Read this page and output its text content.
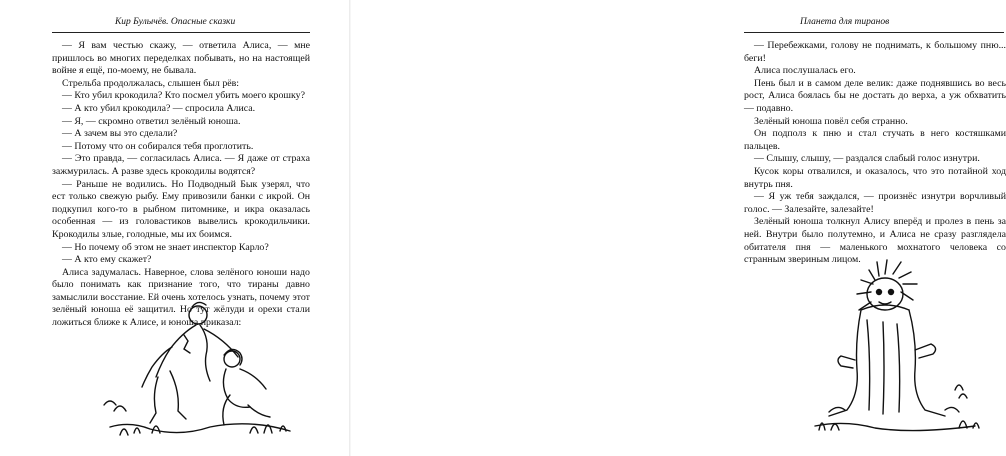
Кир Булычёв. Опасные сказки

— Я вам честью скажу, — ответила Алиса, — мне пришлось во многих переделках побывать, но на настоящей войне я ещё, по-моему, не бывала.

Стрельба продолжалась, слышен был рёв:

— Кто убил крокодила? Кто посмел убить моего крошку?

— А кто убил крокодила? — спросила Алиса.

— Я, — скромно ответил зелёный юноша.

— А зачем вы это сделали?

— Потому что он собирался тебя проглотить.

— Это правда, — согласилась Алиса. — Я даже от страха зажмурилась. А разве здесь крокодилы водятся?

— Раньше не водились. Но Подводный Бык узерял, что ест только свежую рыбу. Ему привозили банки с икрой. Он подкупил кого-то в рыбном питомнике, и икра оказалась особенная — из головастиков вывелись крокодильчики. Крокодилы злые, голодные, мы их боимся.

— Но почему об этом не знает инспектор Карло?

— А кто ему скажет?

Алиса задумалась. Наверное, слова зелёного юноши надо было понимать как признание того, что тираны давно замыслили восстание. Ей очень хотелось узнать, почему этот зелёный юноша её защитил. Но тут жёлуди и орехи стали ложиться ближе к Алисе, и юноша приказал:

Планета для тиранов

— Перебежками, голову не поднимать, к большому пню... беги!

Алиса послушалась его.

Пень был и в самом деле велик: даже поднявшись во весь рост, Алиса боялась бы не достать до верха, а уж обхватить — подавно.

Зелёный юноша повёл себя странно.

Он подполз к пню и стал стучать в него костяшками пальцев.

— Слышу, слышу, — раздался слабый голос изнутри.

Кусок коры отвалился, и оказалось, что это потайной ход внутрь пня.

— Я уж тебя заждался, — произнёс изнутри ворчливый голос. — Залезайте, залезайте!

Зелёный юноша толкнул Алису вперёд и пролез в пень за ней. Внутри было полутемно, и Алиса не сразу разглядела обитателя пня — маленького мохнатого человека со странным звериным лицом.
